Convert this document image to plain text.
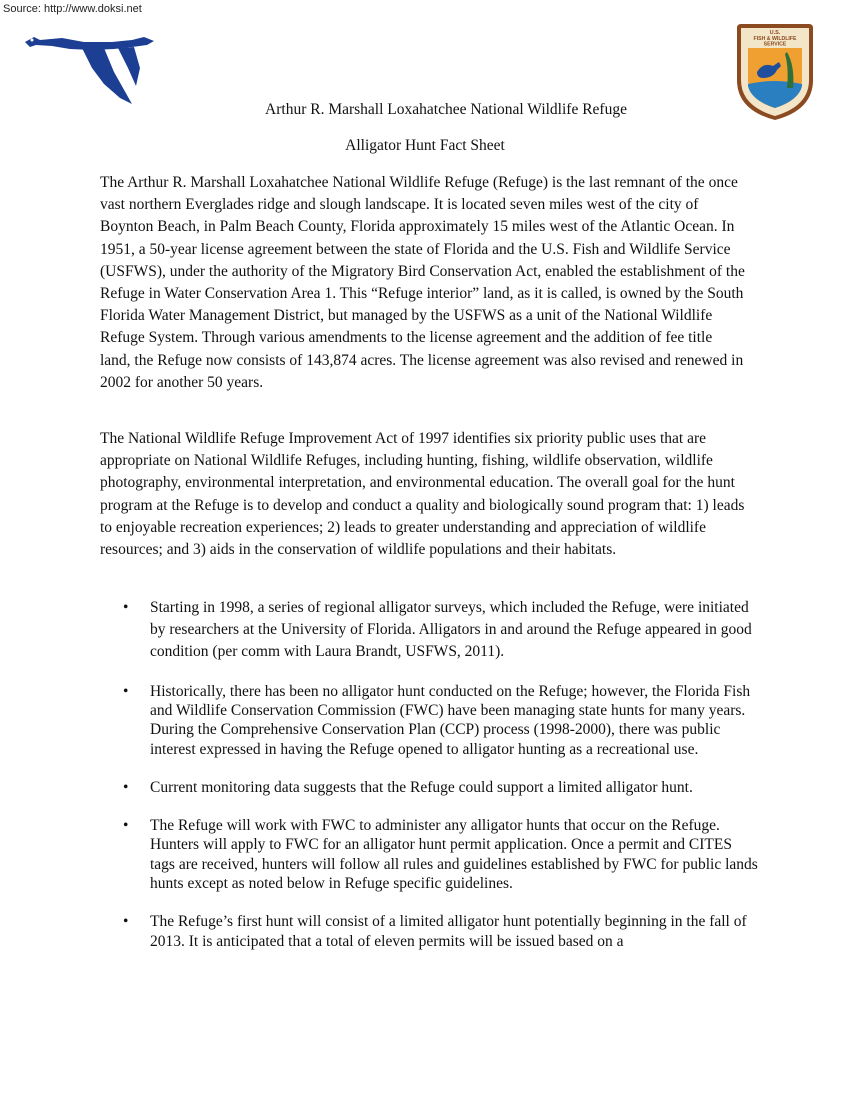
Source: http://www.doksi.net
U.S.
FISH & WILDLIFE
SERVICE
Arthur R. Marshall Loxahatchee National Wildlife Refuge
Alligator Hunt Fact Sheet

The Arthur R. Marshall Loxahatchee National Wildlife Refuge (Refuge) is the last remnant of the once vast northern Everglades ridge and slough landscape. It is located seven miles west of the city of Boynton Beach, in Palm Beach County, Florida approximately 15 miles west of the Atlantic Ocean. In 1951, a 50-year license agreement between the state of Florida and the U.S. Fish and Wildlife Service (USFWS), under the authority of the Migratory Bird Conservation Act, enabled the establishment of the Refuge in Water Conservation Area 1. This “Refuge interior” land, as it is called, is owned by the South Florida Water Management District, but managed by the USFWS as a unit of the National Wildlife Refuge System. Through various amendments to the license agreement and the addition of fee title land, the Refuge now consists of 143,874 acres. The license agreement was also revised and renewed in 2002 for another 50 years.

The National Wildlife Refuge Improvement Act of 1997 identifies six priority public uses that are appropriate on National Wildlife Refuges, including hunting, fishing, wildlife observation, wildlife photography, environmental interpretation, and environmental education. The overall goal for the hunt program at the Refuge is to develop and conduct a quality and biologically sound program that: 1) leads to enjoyable recreation experiences; 2) leads to greater understanding and appreciation of wildlife resources; and 3) aids in the conservation of wildlife populations and their habitats.

• Starting in 1998, a series of regional alligator surveys, which included the Refuge, were initiated by researchers at the University of Florida. Alligators in and around the Refuge appeared in good condition (per comm with Laura Brandt, USFWS, 2011).
• Historically, there has been no alligator hunt conducted on the Refuge; however, the Florida Fish and Wildlife Conservation Commission (FWC) have been managing state hunts for many years. During the Comprehensive Conservation Plan (CCP) process (1998-2000), there was public interest expressed in having the Refuge opened to alligator hunting as a recreational use.
• Current monitoring data suggests that the Refuge could support a limited alligator hunt.
• The Refuge will work with FWC to administer any alligator hunts that occur on the Refuge. Hunters will apply to FWC for an alligator hunt permit application. Once a permit and CITES tags are received, hunters will follow all rules and guidelines established by FWC for public lands hunts except as noted below in Refuge specific guidelines.
• The Refuge’s first hunt will consist of a limited alligator hunt potentially beginning in the fall of 2013. It is anticipated that a total of eleven permits will be issued based on a
